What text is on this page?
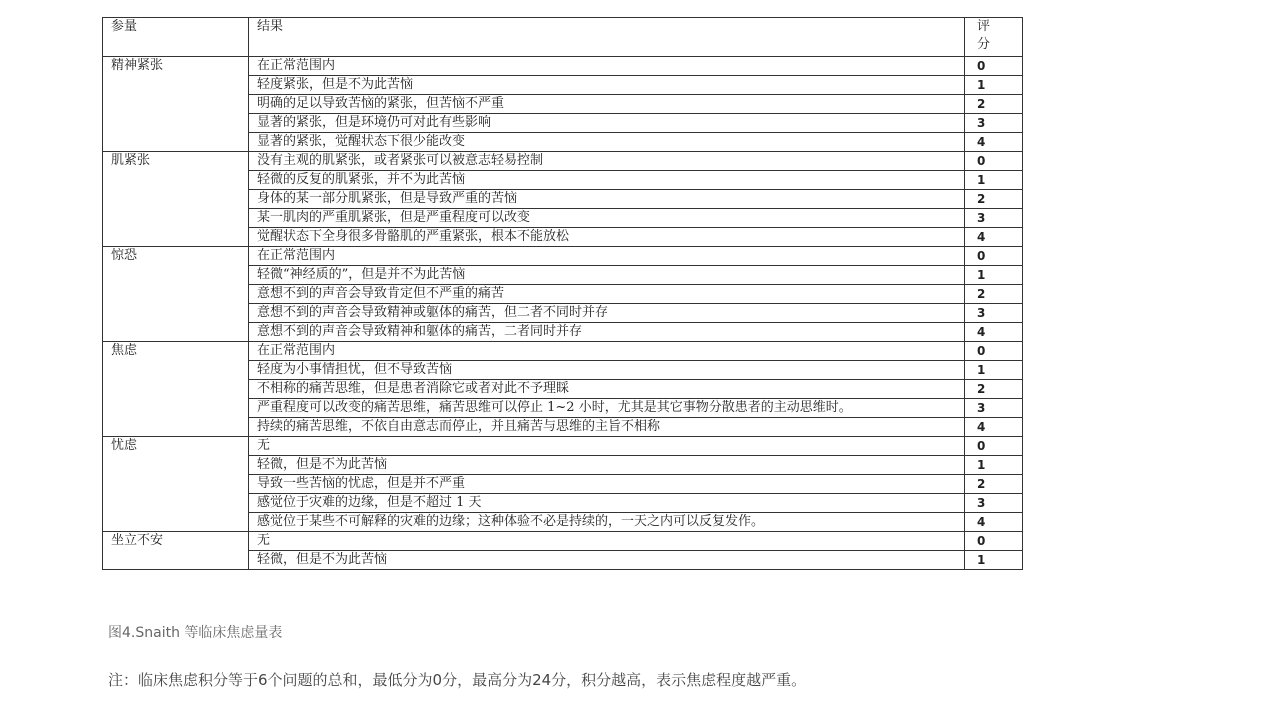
参量	结果	评分
精神紧张	在正常范围内	0
	轻度紧张，但是不为此苦恼	1
	明确的足以导致苦恼的紧张，但苦恼不严重	2
	显著的紧张，但是环境仍可对此有些影响	3
	显著的紧张，觉醒状态下很少能改变	4
肌紧张	没有主观的肌紧张，或者紧张可以被意志轻易控制	0
	轻微的反复的肌紧张，并不为此苦恼	1
	身体的某一部分肌紧张，但是导致严重的苦恼	2
	某一肌肉的严重肌紧张，但是严重程度可以改变	3
	觉醒状态下全身很多骨骼肌的严重紧张，根本不能放松	4
惊恐	在正常范围内	0
	轻微“神经质的”，但是并不为此苦恼	1
	意想不到的声音会导致肯定但不严重的痛苦	2
	意想不到的声音会导致精神或躯体的痛苦，但二者不同时并存	3
	意想不到的声音会导致精神和躯体的痛苦，二者同时并存	4
焦虑	在正常范围内	0
	轻度为小事情担忧，但不导致苦恼	1
	不相称的痛苦思维，但是患者消除它或者对此不予理睬	2
	严重程度可以改变的痛苦思维，痛苦思维可以停止 1~2 小时，尤其是其它事物分散患者的主动思维时。	3
	持续的痛苦思维，不依自由意志而停止，并且痛苦与思维的主旨不相称	4
忧虑	无	0
	轻微，但是不为此苦恼	1
	导致一些苦恼的忧虑，但是并不严重	2
	感觉位于灾难的边缘，但是不超过 1 天	3
	感觉位于某些不可解释的灾难的边缘；这种体验不必是持续的，一天之内可以反复发作。	4
坐立不安	无	0
	轻微，但是不为此苦恼	1
图4.Snaith 等临床焦虑量表
注：临床焦虑积分等于6个问题的总和，最低分为0分，最高分为24分，积分越高，表示焦虑程度越严重。
